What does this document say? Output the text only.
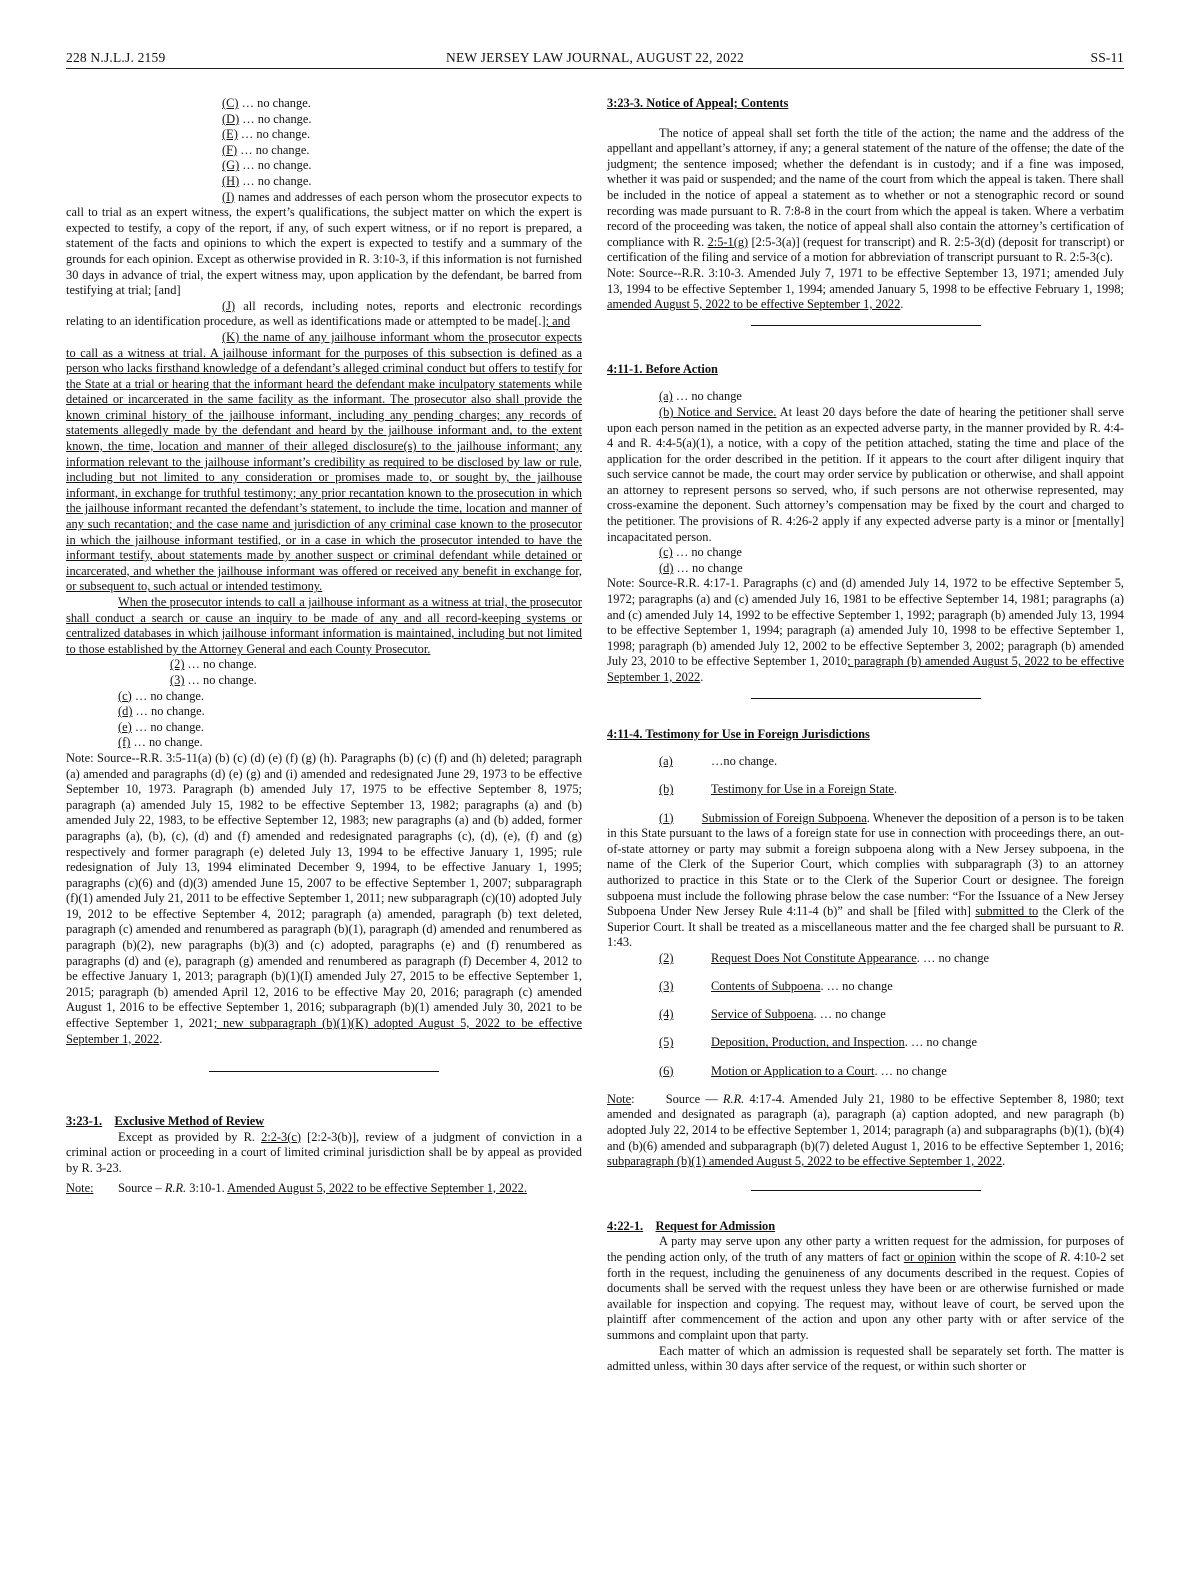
228 N.J.L.J. 2159	NEW JERSEY LAW JOURNAL, AUGUST 22, 2022	SS-11

(C) … no change.

(D) … no change.

(E) … no change.

(F) … no change.

(G) … no change.

(H) … no change.

(I) names and addresses of each person whom the prosecutor expects to call to trial as an expert witness, the expert’s qualifications, the subject matter on which the expert is expected to testify, a copy of the report, if any, of such expert witness, or if no report is prepared, a statement of the facts and opinions to which the expert is expected to testify and a summary of the grounds for each opinion. Except as otherwise provided in R. 3:10-3, if this information is not furnished 30 days in advance of trial, the expert witness may, upon application by the defendant, be barred from testifying at trial; [and]

(J) all records, including notes, reports and electronic recordings relating to an identification procedure, as well as identifications made or attempted to be made[.]; and

(K) the name of any jailhouse informant whom the prosecutor expects to call as a witness at trial. A jailhouse informant for the purposes of this subsection is defined as a person who lacks firsthand knowledge of a defendant’s alleged criminal conduct but offers to testify for the State at a trial or hearing that the informant heard the defendant make inculpatory statements while detained or incarcerated in the same facility as the informant. The prosecutor also shall provide the known criminal history of the jailhouse informant, including any pending charges; any records of statements allegedly made by the defendant and heard by the jailhouse informant and, to the extent known, the time, location and manner of their alleged disclosure(s) to the jailhouse informant; any information relevant to the jailhouse informant’s credibility as required to be disclosed by law or rule, including but not limited to any consideration or promises made to, or sought by, the jailhouse informant, in exchange for truthful testimony; any prior recantation known to the prosecution in which the jailhouse informant recanted the defendant’s statement, to include the time, location and manner of any such recantation; and the case name and jurisdiction of any criminal case known to the prosecutor in which the jailhouse informant testified, or in a case in which the prosecutor intended to have the informant testify, about statements made by another suspect or criminal defendant while detained or incarcerated, and whether the jailhouse informant was offered or received any benefit in exchange for, or subsequent to, such actual or intended testimony.

When the prosecutor intends to call a jailhouse informant as a witness at trial, the prosecutor shall conduct a search or cause an inquiry to be made of any and all record-keeping systems or centralized databases in which jailhouse informant information is maintained, including but not limited to those established by the Attorney General and each County Prosecutor.

(2) … no change.

(3) … no change.

(c) … no change.

(d) … no change.

(e) … no change.

(f) … no change.

Note: Source--R.R. 3:5-11(a) (b) (c) (d) (e) (f) (g) (h). Paragraphs (b) (c) (f) and (h) deleted; paragraph (a) amended and paragraphs (d) (e) (g) and (i) amended and redesignated June 29, 1973 to be effective September 10, 1973. Paragraph (b) amended July 17, 1975 to be effective September 8, 1975; paragraph (a) amended July 15, 1982 to be effective September 13, 1982; paragraphs (a) and (b) amended July 22, 1983, to be effective September 12, 1983; new paragraphs (a) and (b) added, former paragraphs (a), (b), (c), (d) and (f) amended and redesignated paragraphs (c), (d), (e), (f) and (g) respectively and former paragraph (e) deleted July 13, 1994 to be effective January 1, 1995; rule redesignation of July 13, 1994 eliminated December 9, 1994, to be effective January 1, 1995; paragraphs (c)(6) and (d)(3) amended June 15, 2007 to be effective September 1, 2007; subparagraph (f)(1) amended July 21, 2011 to be effective September 1, 2011; new subparagraph (c)(10) adopted July 19, 2012 to be effective September 4, 2012; paragraph (a) amended, paragraph (b) text deleted, paragraph (c) amended and renumbered as paragraph (b)(1), paragraph (d) amended and renumbered as paragraph (b)(2), new paragraphs (b)(3) and (c) adopted, paragraphs (e) and (f) renumbered as paragraphs (d) and (e), paragraph (g) amended and renumbered as paragraph (f) December 4, 2012 to be effective January 1, 2013; paragraph (b)(1)(I) amended July 27, 2015 to be effective September 1, 2015; paragraph (b) amended April 12, 2016 to be effective May 20, 2016; paragraph (c) amended August 1, 2016 to be effective September 1, 2016; subparagraph (b)(1) amended July 30, 2021 to be effective September 1, 2021; new subparagraph (b)(1)(K) adopted August 5, 2022 to be effective September 1, 2022.

3:23-1. Exclusive Method of Review

Except as provided by R. 2:2-3(c) [2:2-3(b)], review of a judgment of conviction in a criminal action or proceeding in a court of limited criminal jurisdiction shall be by appeal as provided by R. 3-23.

Note:	Source – R.R. 3:10-1. Amended August 5, 2022 to be effective September 1, 2022.

3:23-3. Notice of Appeal; Contents

The notice of appeal shall set forth the title of the action; the name and the address of the appellant and appellant’s attorney, if any; a general statement of the nature of the offense; the date of the judgment; the sentence imposed; whether the defendant is in custody; and if a fine was imposed, whether it was paid or suspended; and the name of the court from which the appeal is taken. There shall be included in the notice of appeal a statement as to whether or not a stenographic record or sound recording was made pursuant to R. 7:8-8 in the court from which the appeal is taken. Where a verbatim record of the proceeding was taken, the notice of appeal shall also contain the attorney’s certification of compliance with R. 2:5-1(g) [2:5-3(a)] (request for transcript) and R. 2:5-3(d) (deposit for transcript) or certification of the filing and service of a motion for abbreviation of transcript pursuant to R. 2:5-3(c).

Note: Source--R.R. 3:10-3. Amended July 7, 1971 to be effective September 13, 1971; amended July 13, 1994 to be effective September 1, 1994; amended January 5, 1998 to be effective February 1, 1998; amended August 5, 2022 to be effective September 1, 2022.

4:11-1. Before Action

(a) … no change

(b) Notice and Service. At least 20 days before the date of hearing the petitioner shall serve upon each person named in the petition as an expected adverse party, in the manner provided by R. 4:4-4 and R. 4:4-5(a)(1), a notice, with a copy of the petition attached, stating the time and place of the application for the order described in the petition. If it appears to the court after diligent inquiry that such service cannot be made, the court may order service by publication or otherwise, and shall appoint an attorney to represent persons so served, who, if such persons are not otherwise represented, may cross-examine the deponent. Such attorney’s compensation may be fixed by the court and charged to the petitioner. The provisions of R. 4:26-2 apply if any expected adverse party is a minor or [mentally] incapacitated person.

(c) … no change

(d) … no change

Note: Source-R.R. 4:17-1. Paragraphs (c) and (d) amended July 14, 1972 to be effective September 5, 1972; paragraphs (a) and (c) amended July 16, 1981 to be effective September 14, 1981; paragraphs (a) and (c) amended July 14, 1992 to be effective September 1, 1992; paragraph (b) amended July 13, 1994 to be effective September 1, 1994; paragraph (a) amended July 10, 1998 to be effective September 1, 1998; paragraph (b) amended July 12, 2002 to be effective September 3, 2002; paragraph (b) amended July 23, 2010 to be effective September 1, 2010; paragraph (b) amended August 5, 2022 to be effective September 1, 2022.

4:11-4. Testimony for Use in Foreign Jurisdictions

(a)	…no change.
(b)	Testimony for Use in a Foreign State.

(1) Submission of Foreign Subpoena. Whenever the deposition of a person is to be taken in this State pursuant to the laws of a foreign state for use in connection with proceedings there, an out-of-state attorney or party may submit a foreign subpoena along with a New Jersey subpoena, in the name of the Clerk of the Superior Court, which complies with subparagraph (3) to an attorney authorized to practice in this State or to the Clerk of the Superior Court or designee. The foreign subpoena must include the following phrase below the case number: “For the Issuance of a New Jersey Subpoena Under New Jersey Rule 4:11-4 (b)” and shall be [filed with] submitted to the Clerk of the Superior Court. It shall be treated as a miscellaneous matter and the fee charged shall be pursuant to R. 1:43.

(2)	Request Does Not Constitute Appearance. … no change
(3)	Contents of Subpoena. … no change
(4)	Service of Subpoena. … no change
(5)	Deposition, Production, and Inspection. … no change
(6)	Motion or Application to a Court. … no change

Note:	Source — R.R. 4:17-4. Amended July 21, 1980 to be effective September 8, 1980; text amended and designated as paragraph (a), paragraph (a) caption adopted, and new paragraph (b) adopted July 22, 2014 to be effective September 1, 2014; paragraph (a) and subparagraphs (b)(1), (b)(4) and (b)(6) amended and subparagraph (b)(7) deleted August 1, 2016 to be effective September 1, 2016; subparagraph (b)(1) amended August 5, 2022 to be effective September 1, 2022.

4:22-1. Request for Admission

A party may serve upon any other party a written request for the admission, for purposes of the pending action only, of the truth of any matters of fact or opinion within the scope of R. 4:10-2 set forth in the request, including the genuineness of any documents described in the request. Copies of documents shall be served with the request unless they have been or are otherwise furnished or made available for inspection and copying. The request may, without leave of court, be served upon the plaintiff after commencement of the action and upon any other party with or after service of the summons and complaint upon that party.

Each matter of which an admission is requested shall be separately set forth. The matter is admitted unless, within 30 days after service of the request, or within such shorter or
